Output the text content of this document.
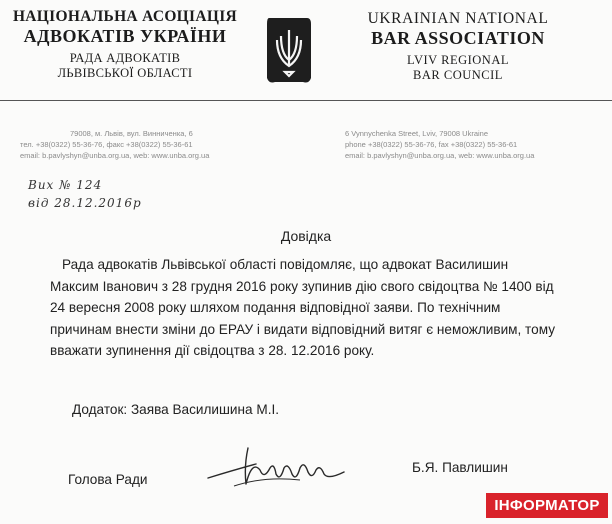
НАЦІОНАЛЬНА АСОЦІАЦІЯ
АДВОКАТІВ УКРАЇНИ
РАДА АДВОКАТІВ
ЛЬВІВСЬКОЇ ОБЛАСТІ
UKRAINIAN NATIONAL
BAR ASSOCIATION
LVIV REGIONAL
BAR COUNCIL
79008, м. Львів, вул. Винниченка, 6
тел. +38(0322) 55-36-76, факс +38(0322) 55-36-61
email: b.pavlyshyn@unba.org.ua, web: www.unba.org.ua
6 Vynnychenka Street, Lviv, 79008 Ukraine
phone +38(0322) 55-36-76, fax +38(0322) 55-36-61
email: b.pavlyshyn@unba.org.ua, web: www.unba.org.ua
Вих № 124
від 28.12.2016р
Довідка
Рада адвокатів Львівської області повідомляє, що адвокат Василишин
Максим Іванович з 28 грудня 2016 року зупинив дію свого свідоцтва № 1400 від
24 вересня 2008 року шляхом подання відповідної заяви. По технічним
причинам внести зміни до ЕРАУ і видати відповідний витяг є неможливим, тому
вважати зупинення дії свідоцтва з 28. 12.2016 року.
Додаток: Заява Василишина М.І.
Голова Ради
Б.Я. Павлишин
ІНФОРМАТОР
